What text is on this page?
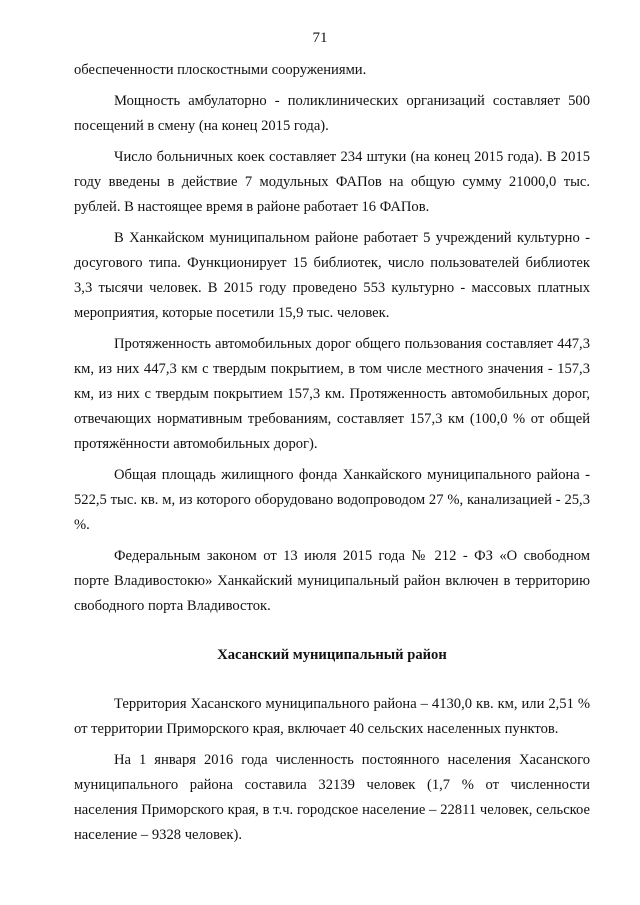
71

обеспеченности плоскостными сооружениями.

Мощность амбулаторно - поликлинических организаций составляет 500 посещений в смену (на конец 2015 года).

Число больничных коек составляет 234 штуки (на конец 2015 года). В 2015 году введены в действие 7 модульных ФАПов на общую сумму 21000,0 тыс. рублей. В настоящее время в районе работает 16 ФАПов.

В Ханкайском муниципальном районе работает 5 учреждений культурно - досугового типа. Функционирует 15 библиотек, число пользователей библиотек 3,3 тысячи человек. В 2015 году проведено 553 культурно - массовых платных мероприятия, которые посетили 15,9 тыс. человек.

Протяженность автомобильных дорог общего пользования составляет 447,3 км, из них 447,3 км с твердым покрытием, в том числе местного значения - 157,3 км, из них с твердым покрытием 157,3 км. Протяженность автомобильных дорог, отвечающих нормативным требованиям, составляет 157,3 км (100,0 % от общей протяжённости автомобильных дорог).

Общая площадь жилищного фонда Ханкайского муниципального района - 522,5 тыс. кв. м, из которого оборудовано водопроводом 27 %, канализацией - 25,3 %.

Федеральным законом от 13 июля 2015 года № 212 - ФЗ «О свободном порте Владивостокю» Ханкайский муниципальный район включен в территорию свободного порта Владивосток.

Хасанский муниципальный район

Территория Хасанского муниципального района – 4130,0 кв. км, или 2,51 % от территории Приморского края, включает 40 сельских населенных пунктов.

На 1 января 2016 года численность постоянного населения Хасанского муниципального района составила 32139 человек (1,7 % от численности населения Приморского края, в т.ч. городское население – 22811 человек, сельское население – 9328 человек).
